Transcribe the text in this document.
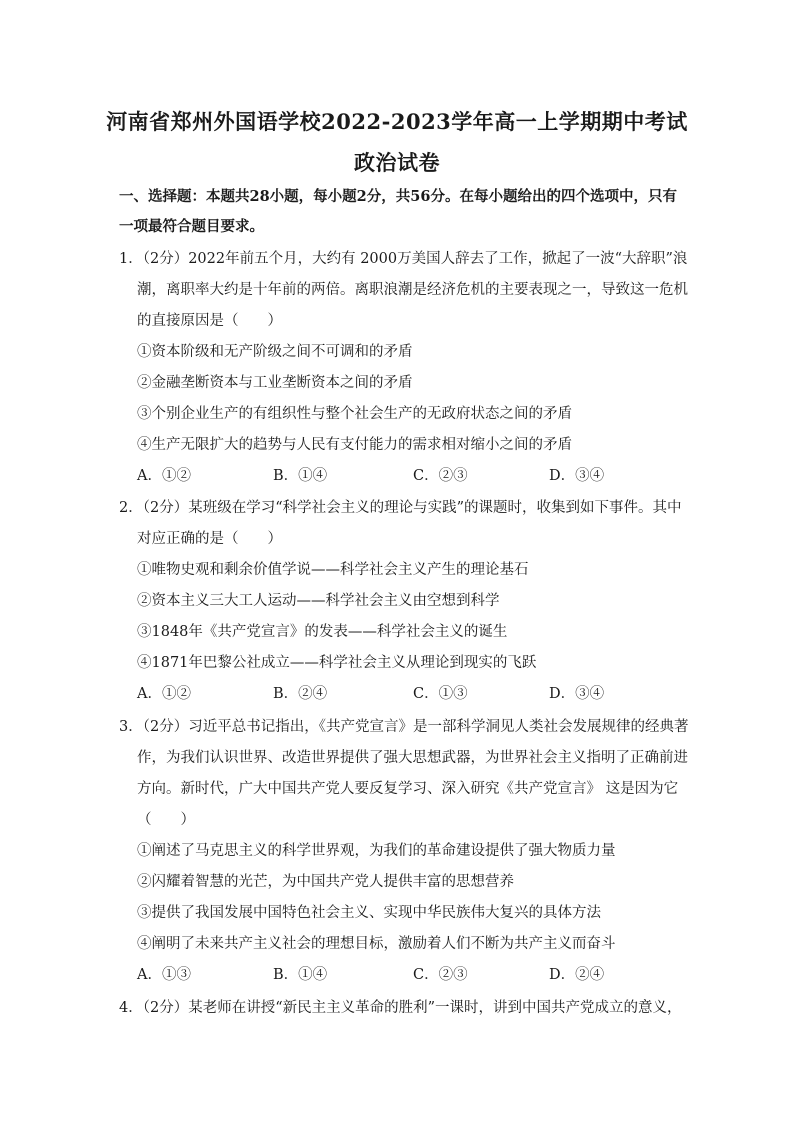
河南省郑州外国语学校2022-2023学年高一上学期期中考试
政治试卷
一、选择题：本题共28小题，每小题2分，共56分。在每小题给出的四个选项中，只有
一项最符合题目要求。
1．（2分）2022年前五个月，大约有 2000万美国人辞去了工作，掀起了一波“大辞职”浪
潮，离职率大约是十年前的两倍。离职浪潮是经济危机的主要表现之一，导致这一危机
的直接原因是（　　）
①资本阶级和无产阶级之间不可调和的矛盾
②金融垄断资本与工业垄断资本之间的矛盾
③个别企业生产的有组织性与整个社会生产的无政府状态之间的矛盾
④生产无限扩大的趋势与人民有支付能力的需求相对缩小之间的矛盾
A．①②	B．①④	C．②③	D．③④
2．（2分）某班级在学习“科学社会主义的理论与实践”的课题时，收集到如下事件。其中
对应正确的是（　　）
①唯物史观和剩余价值学说——科学社会主义产生的理论基石
②资本主义三大工人运动——科学社会主义由空想到科学
③1848年《共产党宣言》的发表——科学社会主义的诞生
④1871年巴黎公社成立——科学社会主义从理论到现实的飞跃
A．①②	B．②④	C．①③	D．③④
3．（2分）习近平总书记指出，《共产党宣言》是一部科学洞见人类社会发展规律的经典著
作，为我们认识世界、改造世界提供了强大思想武器，为世界社会主义指明了正确前进
方向。新时代，广大中国共产党人要反复学习、深入研究《共产党宣言》 这是因为它
（　　）
①阐述了马克思主义的科学世界观，为我们的革命建设提供了强大物质力量
②闪耀着智慧的光芒，为中国共产党人提供丰富的思想营养
③提供了我国发展中国特色社会主义、实现中华民族伟大复兴的具体方法
④阐明了未来共产主义社会的理想目标，激励着人们不断为共产主义而奋斗
A．①③	B．①④	C．②③	D．②④
4．（2分）某老师在讲授“新民主主义革命的胜利”一课时，讲到中国共产党成立的意义，
